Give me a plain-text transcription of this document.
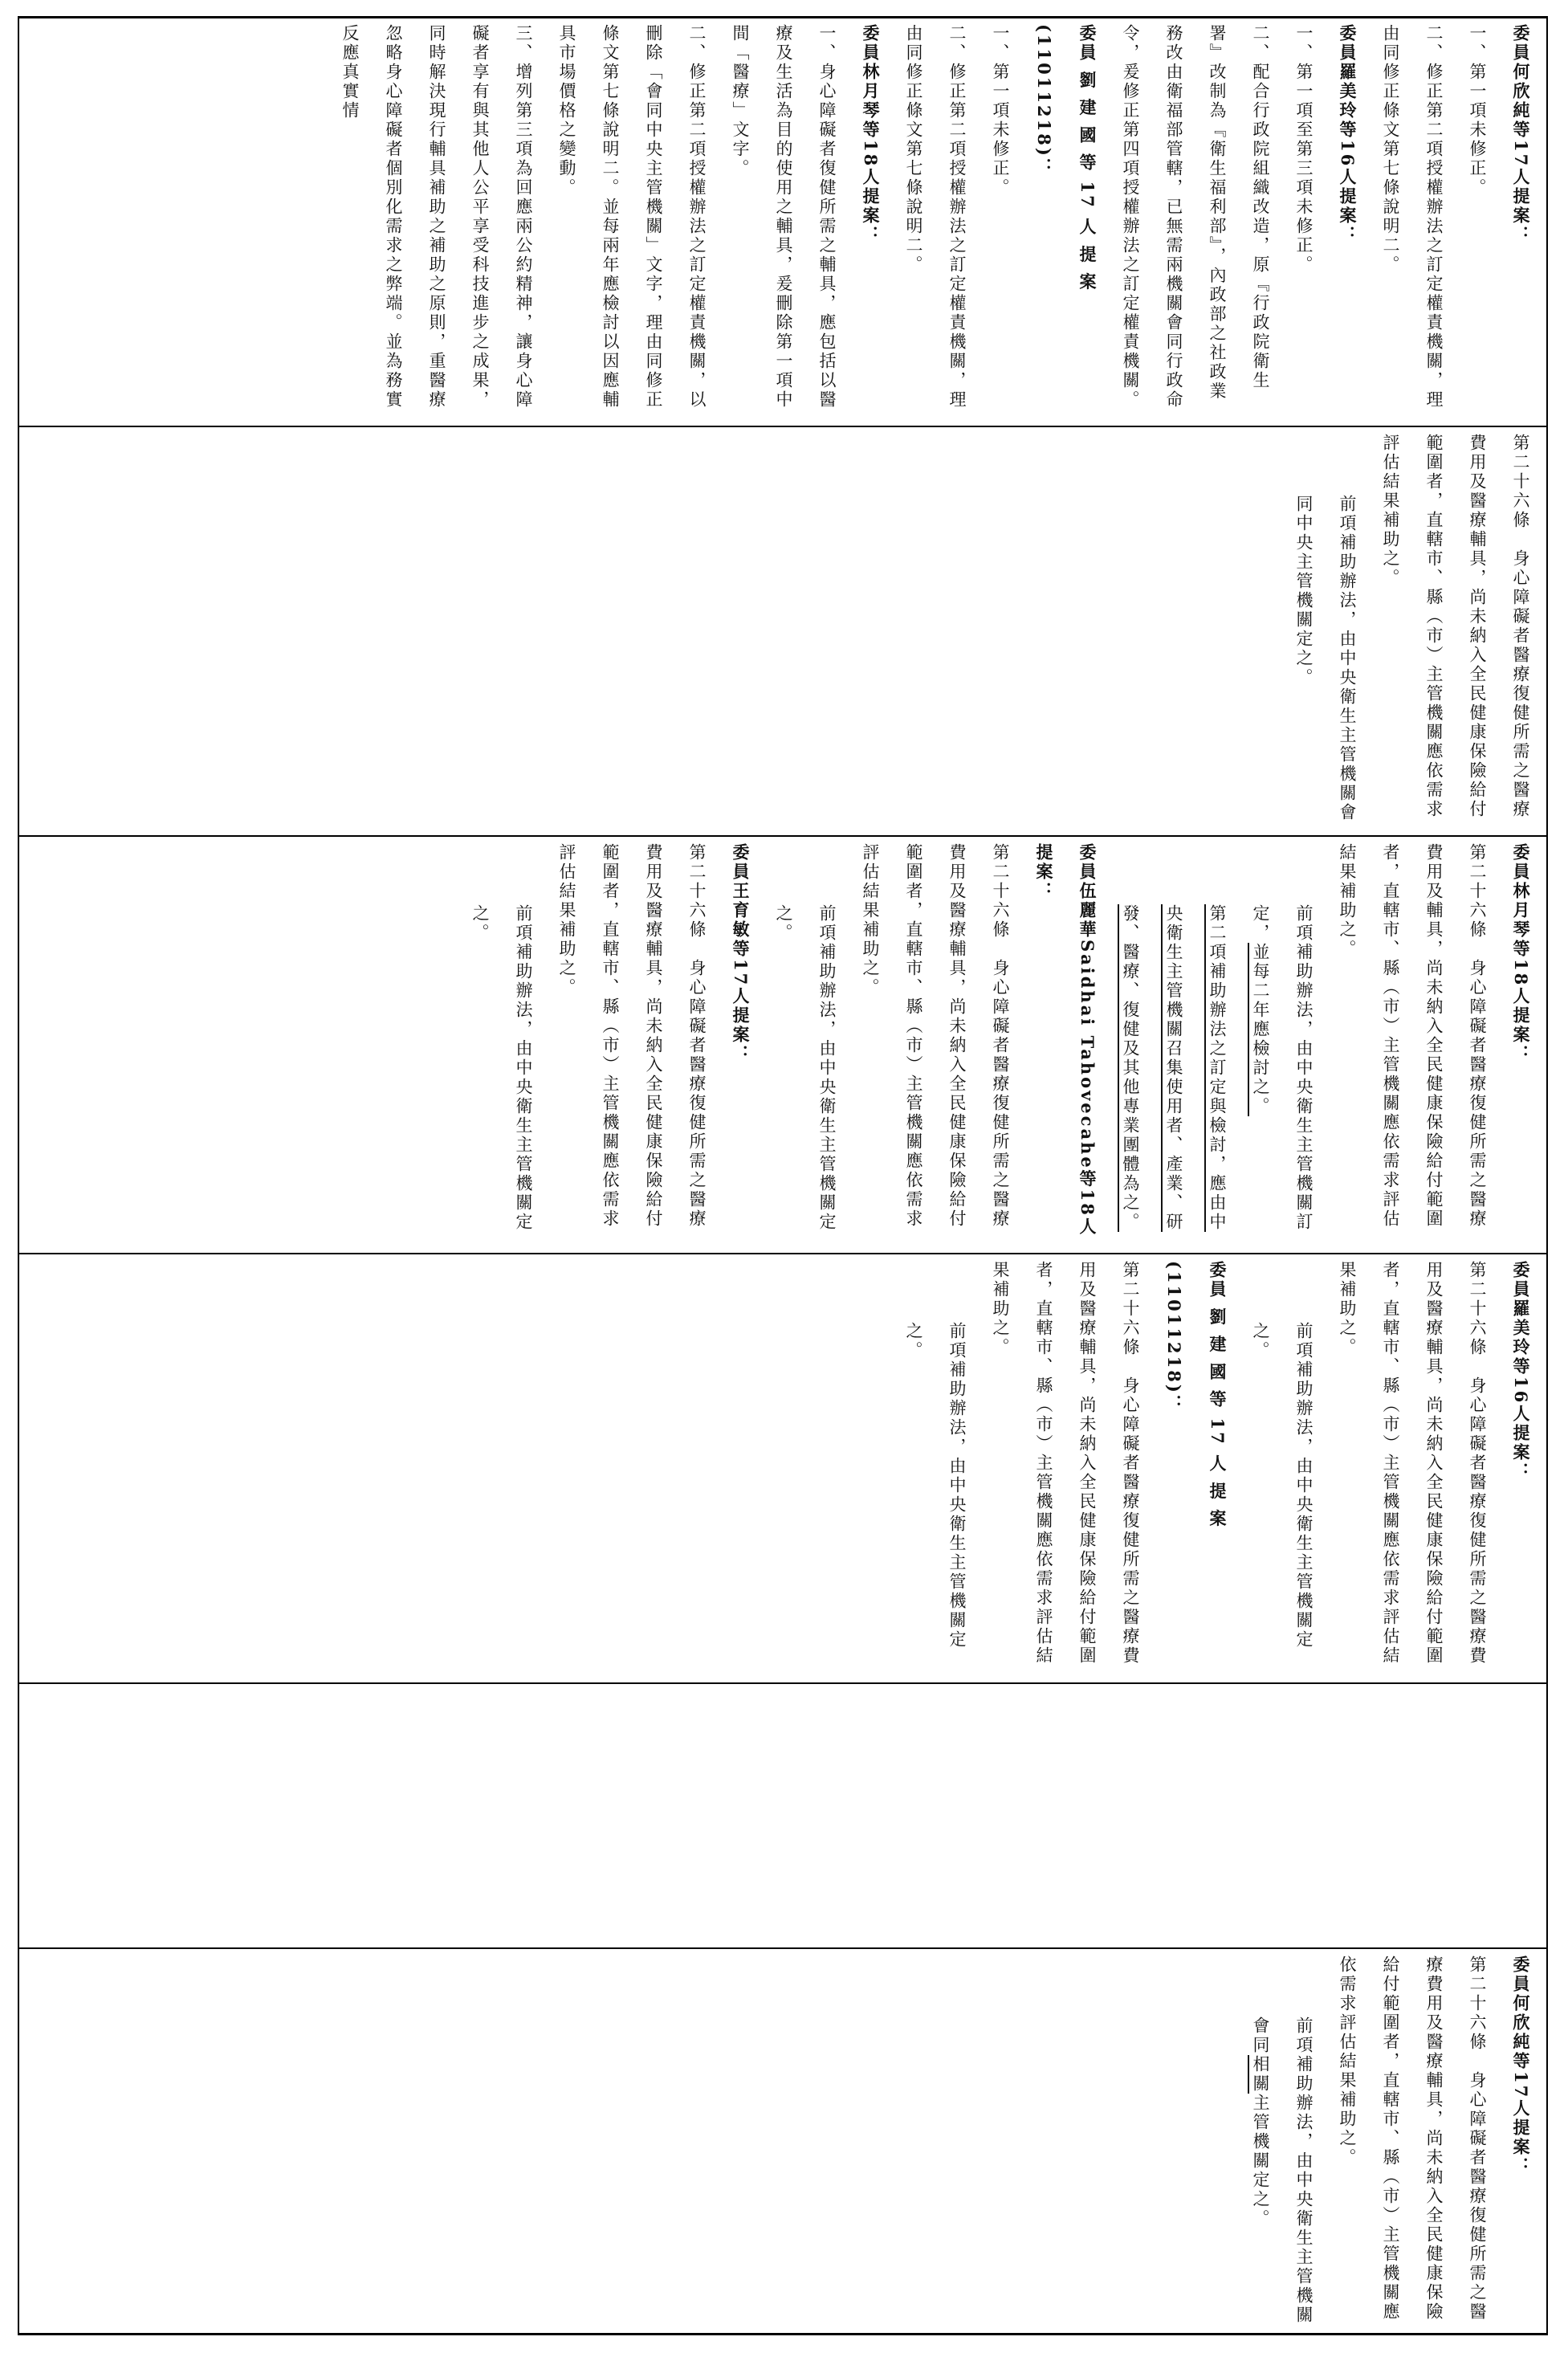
委員何欣純等17人提案：

一、第一項未修正。

二、修正第二項授權辦法之訂定權責機關，理由同修正條文第七條說明二。

委員羅美玲等16人提案：

一、第一項至第三項未修正。

二、配合行政院組織改造，原『行政院衛生署』改制為『衛生福利部』，內政部之社政業務改由衛福部管轄，已無需兩機關會同行政命令，爰修正第四項授權辦法之訂定權責機關。

委員 劉 建 國 等 17 人 提 案

(11011218)：

一、第一項未修正。

二、修正第二項授權辦法之訂定權責機關，理由同修正條文第七條說明二。

委員林月琴等18人提案：

一、身心障礙者復健所需之輔具，應包括以醫療及生活為目的使用之輔具，爰刪除第一項中間「醫療」文字。

二、修正第二項授權辦法之訂定權責機關，以刪除「會同中央主管機關」文字，理由同修正條文第七條說明二。並每兩年應檢討以因應輔具市場價格之變動。

三、增列第三項為回應兩公約精神，讓身心障礙者享有與其他人公平享受科技進步之成果，同時解決現行輔具補助之補助之原則，重醫療忽略身心障礙者個別化需求之弊端。並為務實反應真實情

第二十六條　身心障礙者醫療復健所需之醫療費用及醫療輔具，尚未納入全民健康保險給付範圍者，直轄市、縣（市）主管機關應依需求評估結果補助之。

前項補助辦法，由中央衛生主管機關會同中央主管機關定之。

委員林月琴等18人提案：

第二十六條　身心障礙者醫療復健所需之醫療費用及輔具，尚未納入全民健康保險給付範圍者，直轄市、縣（市）主管機關應依需求評估結果補助之。

前項補助辦法，由中央衛生主管機關訂定，並每二年應檢討之。

第二項補助辦法之訂定與檢討，應由中央衛生主管機關召集使用者、產業、研發、醫療、復健及其他專業團體為之。

委員伍麗華Saidhai Tahovecahe等18人提案：

第二十六條　身心障礙者醫療復健所需之醫療費用及醫療輔具，尚未納入全民健康保險給付範圍者，直轄市、縣（市）主管機關應依需求評估結果補助之。

前項補助辦法，由中央衛生主管機關定之。

委員王育敏等17人提案：

第二十六條　身心障礙者醫療復健所需之醫療費用及醫療輔具，尚未納入全民健康保險給付範圍者，直轄市、縣（市）主管機關應依需求評估結果補助之。

前項補助辦法，由中央衛生主管機關定之。

委員羅美玲等16人提案：

第二十六條　身心障礙者醫療復健所需之醫療費用及醫療輔具，尚未納入全民健康保險給付範圍者，直轄市、縣（市）主管機關應依需求評估結果補助之。

前項補助辦法，由中央衛生主管機關定之。

委員 劉 建 國 等 17 人 提 案

(11011218)：

第二十六條　身心障礙者醫療復健所需之醫療費用及醫療輔具，尚未納入全民健康保險給付範圍者，直轄市、縣（市）主管機關應依需求評估結果補助之。

前項補助辦法，由中央衛生主管機關定之。

委員何欣純等17人提案：

第二十六條　身心障礙者醫療復健所需之醫療費用及醫療輔具，尚未納入全民健康保險給付範圍者，直轄市、縣（市）主管機關應依需求評估結果補助之。

前項補助辦法，由中央衛生主管機關會同相關主管機關定之。
